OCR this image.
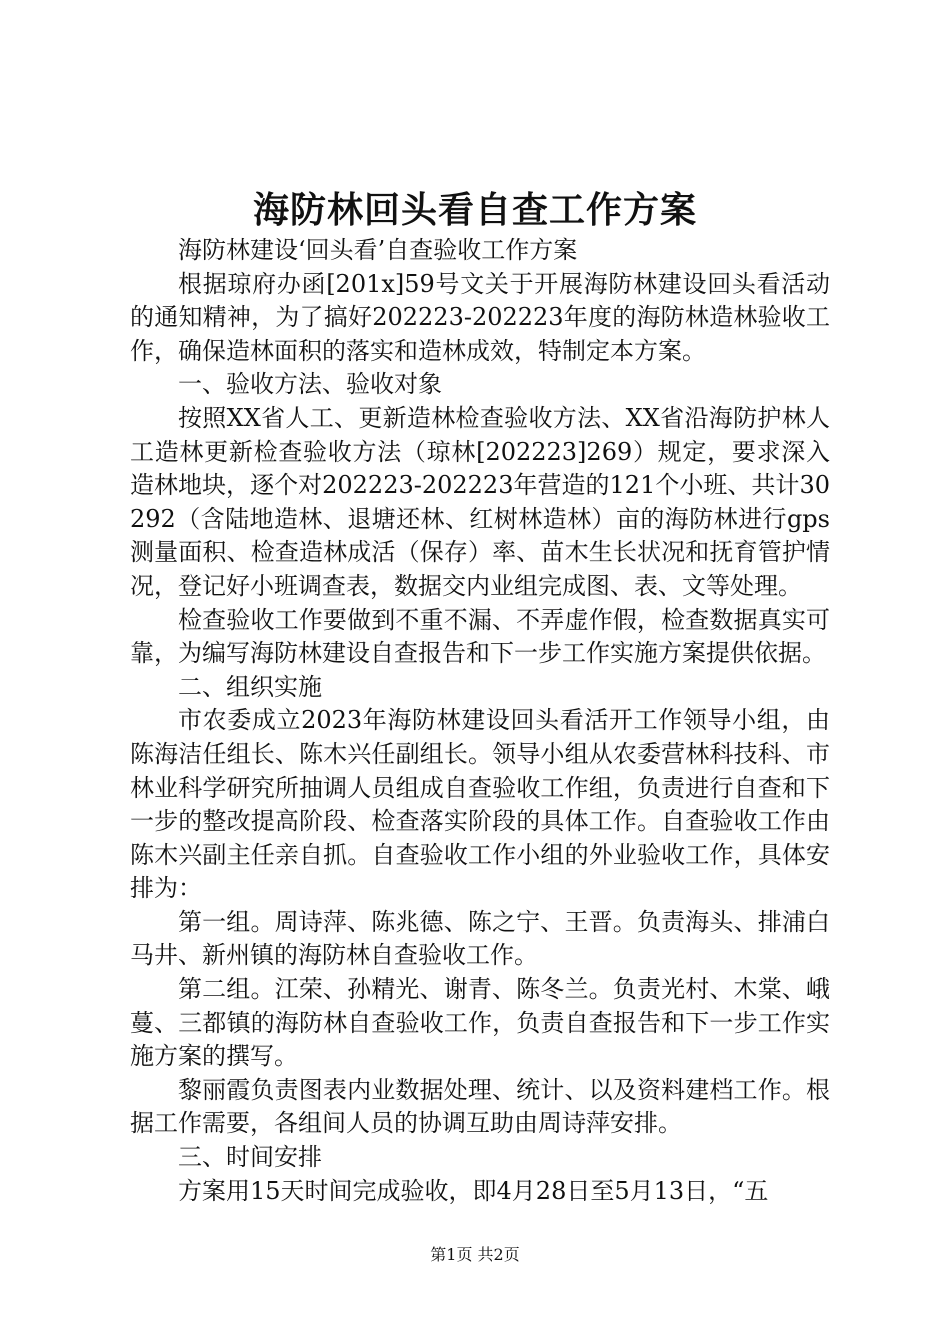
海防林回头看自查工作方案

海防林建设‘回头看’自查验收工作方案

根据琼府办函[201x]59号文关于开展海防林建设回头看活动的通知精神，为了搞好202223-202223年度的海防林造林验收工作，确保造林面积的落实和造林成效，特制定本方案。

一、验收方法、验收对象

按照XX省人工、更新造林检查验收方法、XX省沿海防护林人工造林更新检查验收方法（琼林[202223]269）规定，要求深入造林地块，逐个对202223-202223年营造的121个小班、共计30292（含陆地造林、退塘还林、红树林造林）亩的海防林进行gps测量面积、检查造林成活（保存）率、苗木生长状况和抚育管护情况，登记好小班调查表，数据交内业组完成图、表、文等处理。

检查验收工作要做到不重不漏、不弄虚作假，检查数据真实可靠，为编写海防林建设自查报告和下一步工作实施方案提供依据。

二、组织实施

市农委成立2023年海防林建设回头看活开工作领导小组，由陈海洁任组长、陈木兴任副组长。领导小组从农委营林科技科、市林业科学研究所抽调人员组成自查验收工作组，负责进行自查和下一步的整改提高阶段、检查落实阶段的具体工作。自查验收工作由陈木兴副主任亲自抓。自查验收工作小组的外业验收工作，具体安排为：

第一组。周诗萍、陈兆德、陈之宁、王晋。负责海头、排浦白马井、新州镇的海防林自查验收工作。

第二组。江荣、孙精光、谢青、陈冬兰。负责光村、木棠、峨蔓、三都镇的海防林自查验收工作，负责自查报告和下一步工作实施方案的撰写。

黎丽霞负责图表内业数据处理、统计、以及资料建档工作。根据工作需要，各组间人员的协调互助由周诗萍安排。

三、时间安排

方案用15天时间完成验收，即4月28日至5月13日，“五

第1页 共2页
